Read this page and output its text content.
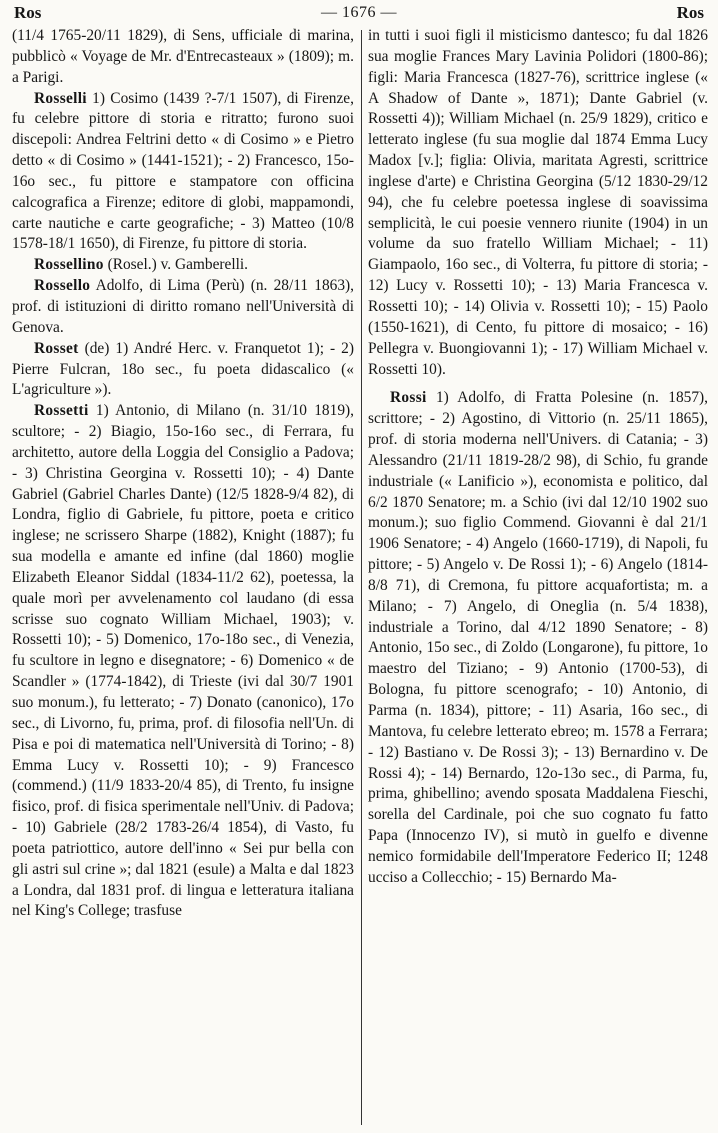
Ros	— 1676 —	Ros

(11/4 1765-20/11 1829), di Sens, ufficiale di marina, pubblicò « Voyage de Mr. d'Entrecasteaux » (1809); m. a Parigi.

Rosselli 1) Cosimo (1439 ?-7/1 1507), di Firenze, fu celebre pittore di storia e ritratto; furono suoi discepoli: Andrea Feltrini detto « di Cosimo » e Pietro detto « di Cosimo » (1441-1521); - 2) Francesco, 15o-16o sec., fu pittore e stampatore con officina calcografica a Firenze; editore di globi, mappamondi, carte nautiche e carte geografiche; - 3) Matteo (10/8 1578-18/1 1650), di Firenze, fu pittore di storia.

Rossellino (Rosel.) v. Gamberelli.

Rossello Adolfo, di Lima (Perù) (n. 28/11 1863), prof. di istituzioni di diritto romano nell'Università di Genova.

Rosset (de) 1) André Herc. v. Franquetot 1); - 2) Pierre Fulcran, 18o sec., fu poeta didascalico (« L'agriculture »).

Rossetti 1) Antonio, di Milano (n. 31/10 1819), scultore; - 2) Biagio, 15o-16o sec., di Ferrara, fu architetto, autore della Loggia del Consiglio a Padova; - 3) Christina Georgina v. Rossetti 10); - 4) Dante Gabriel (Gabriel Charles Dante) (12/5 1828-9/4 82), di Londra, figlio di Gabriele, fu pittore, poeta e critico inglese; ne scrissero Sharpe (1882), Knight (1887); fu sua modella e amante ed infine (dal 1860) moglie Elizabeth Eleanor Siddal (1834-11/2 62), poetessa, la quale morì per avvelenamento col laudano (di essa scrisse suo cognato William Michael, 1903); v. Rossetti 10); - 5) Domenico, 17o-18o sec., di Venezia, fu scultore in legno e disegnatore; - 6) Domenico « de Scandler » (1774-1842), di Trieste (ivi dal 30/7 1901 suo monum.), fu letterato; - 7) Donato (canonico), 17o sec., di Livorno, fu, prima, prof. di filosofia nell'Un. di Pisa e poi di matematica nell'Università di Torino; - 8) Emma Lucy v. Rossetti 10); - 9) Francesco (commend.) (11/9 1833-20/4 85), di Trento, fu insigne fisico, prof. di fisica sperimentale nell'Univ. di Padova; - 10) Gabriele (28/2 1783-26/4 1854), di Vasto, fu poeta patriottico, autore dell'inno « Sei pur bella con gli astri sul crine »; dal 1821 (esule) a Malta e dal 1823 a Londra, dal 1831 prof. di lingua e letteratura italiana nel King's College; trasfuse

in tutti i suoi figli il misticismo dantesco; fu dal 1826 sua moglie Frances Mary Lavinia Polidori (1800-86); figli: Maria Francesca (1827-76), scrittrice inglese (« A Shadow of Dante », 1871); Dante Gabriel (v. Rossetti 4)); William Michael (n. 25/9 1829), critico e letterato inglese (fu sua moglie dal 1874 Emma Lucy Madox [v.]; figlia: Olivia, maritata Agresti, scrittrice inglese d'arte) e Christina Georgina (5/12 1830-29/12 94), che fu celebre poetessa inglese di soavissima semplicità, le cui poesie vennero riunite (1904) in un volume da suo fratello William Michael; - 11) Giampaolo, 16o sec., di Volterra, fu pittore di storia; - 12) Lucy v. Rossetti 10); - 13) Maria Francesca v. Rossetti 10); - 14) Olivia v. Rossetti 10); - 15) Paolo (1550-1621), di Cento, fu pittore di mosaico; - 16) Pellegra v. Buongiovanni 1); - 17) William Michael v. Rossetti 10).

Rossi 1) Adolfo, di Fratta Polesine (n. 1857), scrittore; - 2) Agostino, di Vittorio (n. 25/11 1865), prof. di storia moderna nell'Univers. di Catania; - 3) Alessandro (21/11 1819-28/2 98), di Schio, fu grande industriale (« Lanificio »), economista e politico, dal 6/2 1870 Senatore; m. a Schio (ivi dal 12/10 1902 suo monum.); suo figlio Commend. Giovanni è dal 21/1 1906 Senatore; - 4) Angelo (1660-1719), di Napoli, fu pittore; - 5) Angelo v. De Rossi 1); - 6) Angelo (1814-8/8 71), di Cremona, fu pittore acquafortista; m. a Milano; - 7) Angelo, di Oneglia (n. 5/4 1838), industriale a Torino, dal 4/12 1890 Senatore; - 8) Antonio, 15o sec., di Zoldo (Longarone), fu pittore, 1o maestro del Tiziano; - 9) Antonio (1700-53), di Bologna, fu pittore scenografo; - 10) Antonio, di Parma (n. 1834), pittore; - 11) Asaria, 16o sec., di Mantova, fu celebre letterato ebreo; m. 1578 a Ferrara; - 12) Bastiano v. De Rossi 3); - 13) Bernardino v. De Rossi 4); - 14) Bernardo, 12o-13o sec., di Parma, fu, prima, ghibellino; avendo sposata Maddalena Fieschi, sorella del Cardinale, poi che suo cognato fu fatto Papa (Innocenzo IV), si mutò in guelfo e divenne nemico formidabile dell'Imperatore Federico II; 1248 ucciso a Collecchio; - 15) Bernardo Ma-
